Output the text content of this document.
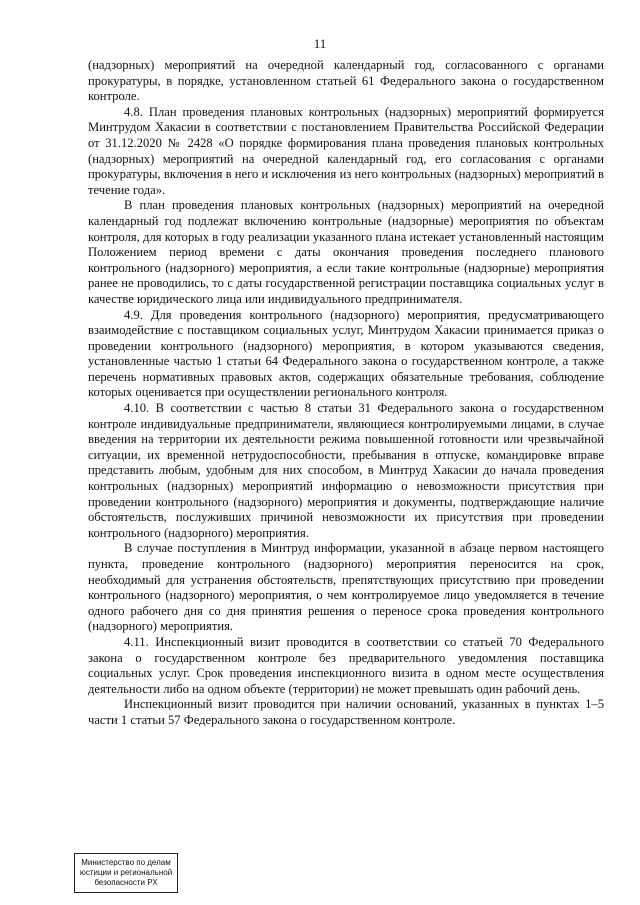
11

(надзорных) мероприятий на очередной календарный год, согласованного с органами прокуратуры, в порядке, установленном статьей 61 Федерального закона о государственном контроле.

4.8. План проведения плановых контрольных (надзорных) мероприятий формируется Минтрудом Хакасии в соответствии с постановлением Правительства Российской Федерации от 31.12.2020 № 2428 «О порядке формирования плана проведения плановых контрольных (надзорных) мероприятий на очередной календарный год, его согласования с органами прокуратуры, включения в него и исключения из него контрольных (надзорных) мероприятий в течение года».

В план проведения плановых контрольных (надзорных) мероприятий на очередной календарный год подлежат включению контрольные (надзорные) мероприятия по объектам контроля, для которых в году реализации указанного плана истекает установленный настоящим Положением период времени с даты окончания проведения последнего планового контрольного (надзорного) мероприятия, а если такие контрольные (надзорные) мероприятия ранее не проводились, то с даты государственной регистрации поставщика социальных услуг в качестве юридического лица или индивидуального предпринимателя.

4.9. Для проведения контрольного (надзорного) мероприятия, предусматривающего взаимодействие с поставщиком социальных услуг, Минтрудом Хакасии принимается приказ о проведении контрольного (надзорного) мероприятия, в котором указываются сведения, установленные частью 1 статьи 64 Федерального закона о государственном контроле, а также перечень нормативных правовых актов, содержащих обязательные требования, соблюдение которых оценивается при осуществлении регионального контроля.

4.10. В соответствии с частью 8 статьи 31 Федерального закона о государственном контроле индивидуальные предприниматели, являющиеся контролируемыми лицами, в случае введения на территории их деятельности режима повышенной готовности или чрезвычайной ситуации, их временной нетрудоспособности, пребывания в отпуске, командировке вправе представить любым, удобным для них способом, в Минтруд Хакасии до начала проведения контрольных (надзорных) мероприятий информацию о невозможности присутствия при проведении контрольного (надзорного) мероприятия и документы, подтверждающие наличие обстоятельств, послуживших причиной невозможности их присутствия при проведении контрольного (надзорного) мероприятия.

В случае поступления в Минтруд информации, указанной в абзаце первом настоящего пункта, проведение контрольного (надзорного) мероприятия переносится на срок, необходимый для устранения обстоятельств, препятствующих присутствию при проведении контрольного (надзорного) мероприятия, о чем контролируемое лицо уведомляется в течение одного рабочего дня со дня принятия решения о переносе срока проведения контрольного (надзорного) мероприятия.

4.11. Инспекционный визит проводится в соответствии со статьей 70 Федерального закона о государственном контроле без предварительного уведомления поставщика социальных услуг. Срок проведения инспекционного визита в одном месте осуществления деятельности либо на одном объекте (территории) не может превышать один рабочий день.

Инспекционный визит проводится при наличии оснований, указанных в пунктах 1–5 части 1 статьи 57 Федерального закона о государственном контроле.

Министерство по делам
юстиции и региональной
безопасности РХ
